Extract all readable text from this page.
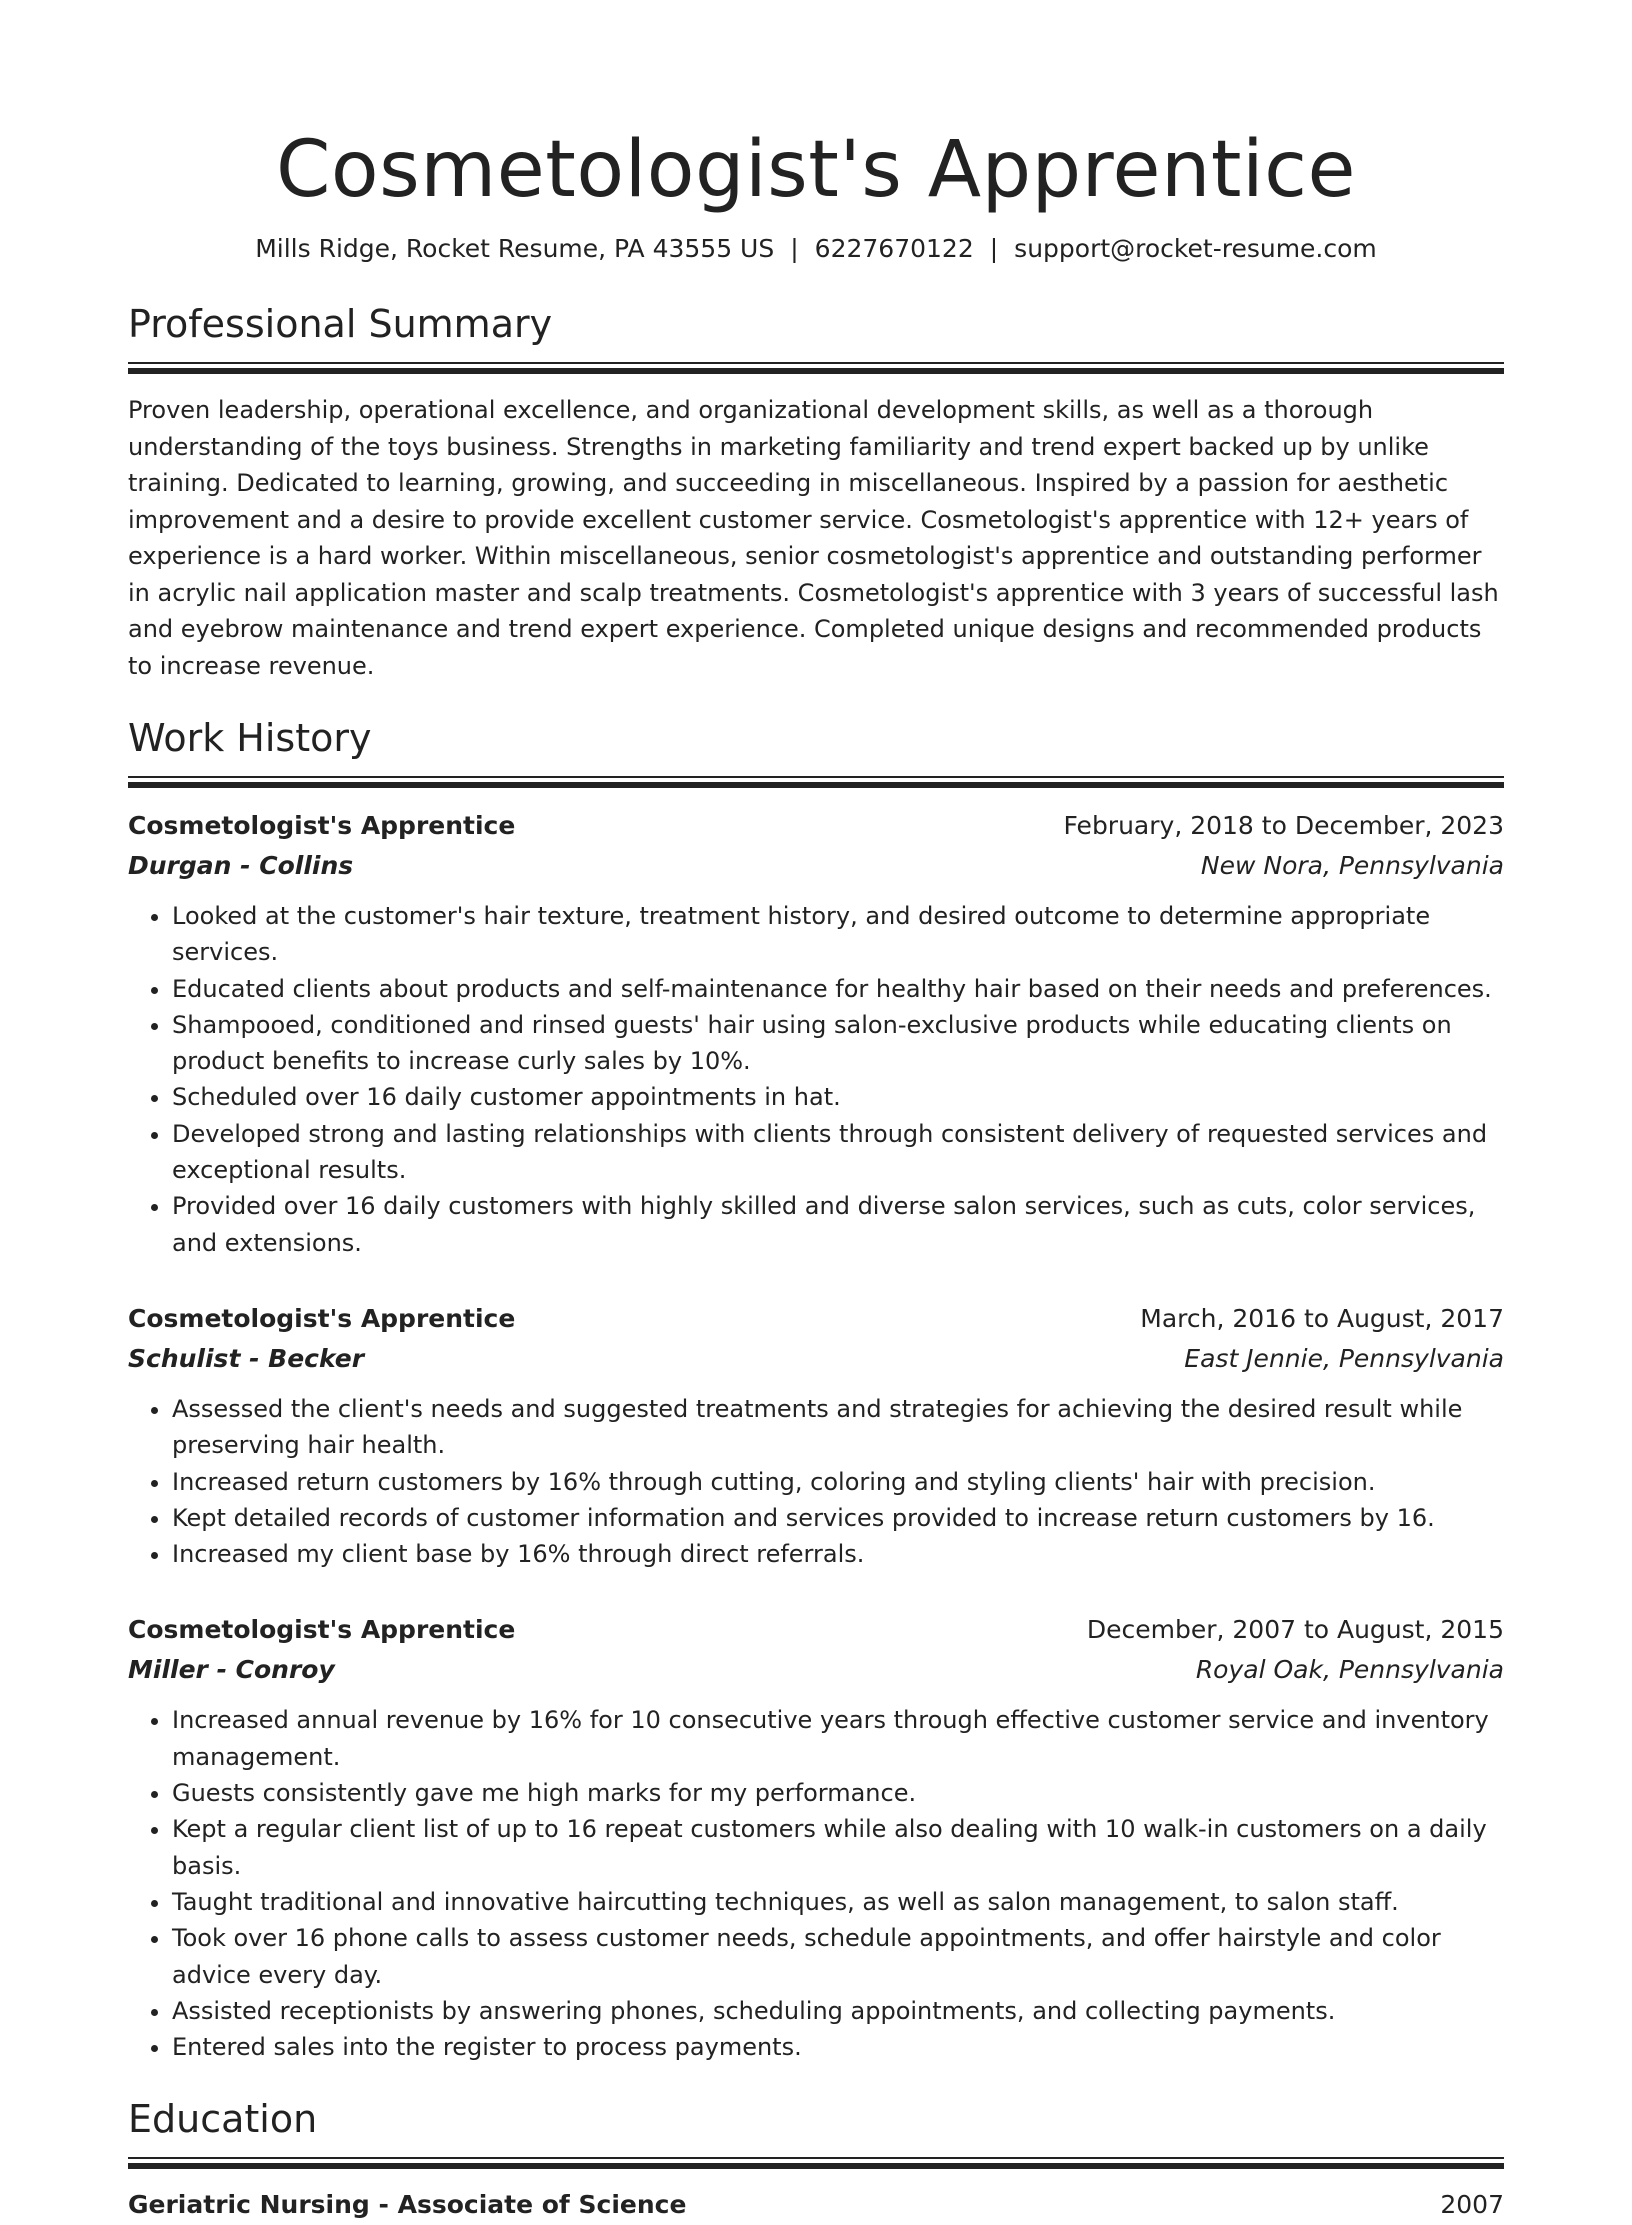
Cosmetologist's Apprentice
Mills Ridge, Rocket Resume, PA 43555 US | 6227670122 | support@rocket-resume.com
Professional Summary

Proven leadership, operational excellence, and organizational development skills, as well as a thorough understanding of the toys business. Strengths in marketing familiarity and trend expert backed up by unlike training. Dedicated to learning, growing, and succeeding in miscellaneous. Inspired by a passion for aesthetic improvement and a desire to provide excellent customer service. Cosmetologist's apprentice with 12+ years of experience is a hard worker. Within miscellaneous, senior cosmetologist's apprentice and outstanding performer in acrylic nail application master and scalp treatments. Cosmetologist's apprentice with 3 years of successful lash and eyebrow maintenance and trend expert experience. Completed unique designs and recommended products to increase revenue.

Work History
Cosmetologist's Apprentice	February, 2018 to December, 2023
Durgan - Collins	New Nora, Pennsylvania
• Looked at the customer's hair texture, treatment history, and desired outcome to determine appropriate services.
• Educated clients about products and self-maintenance for healthy hair based on their needs and preferences.
• Shampooed, conditioned and rinsed guests' hair using salon-exclusive products while educating clients on product benefits to increase curly sales by 10%.
• Scheduled over 16 daily customer appointments in hat.
• Developed strong and lasting relationships with clients through consistent delivery of requested services and exceptional results.
• Provided over 16 daily customers with highly skilled and diverse salon services, such as cuts, color services, and extensions.
Cosmetologist's Apprentice	March, 2016 to August, 2017
Schulist - Becker	East Jennie, Pennsylvania
• Assessed the client's needs and suggested treatments and strategies for achieving the desired result while preserving hair health.
• Increased return customers by 16% through cutting, coloring and styling clients' hair with precision.
• Kept detailed records of customer information and services provided to increase return customers by 16.
• Increased my client base by 16% through direct referrals.
Cosmetologist's Apprentice	December, 2007 to August, 2015
Miller - Conroy	Royal Oak, Pennsylvania
• Increased annual revenue by 16% for 10 consecutive years through effective customer service and inventory management.
• Guests consistently gave me high marks for my performance.
• Kept a regular client list of up to 16 repeat customers while also dealing with 10 walk-in customers on a daily basis.
• Taught traditional and innovative haircutting techniques, as well as salon management, to salon staff.
• Took over 16 phone calls to assess customer needs, schedule appointments, and offer hairstyle and color advice every day.
• Assisted receptionists by answering phones, scheduling appointments, and collecting payments.
• Entered sales into the register to process payments.
Education
Geriatric Nursing - Associate of Science	2007
